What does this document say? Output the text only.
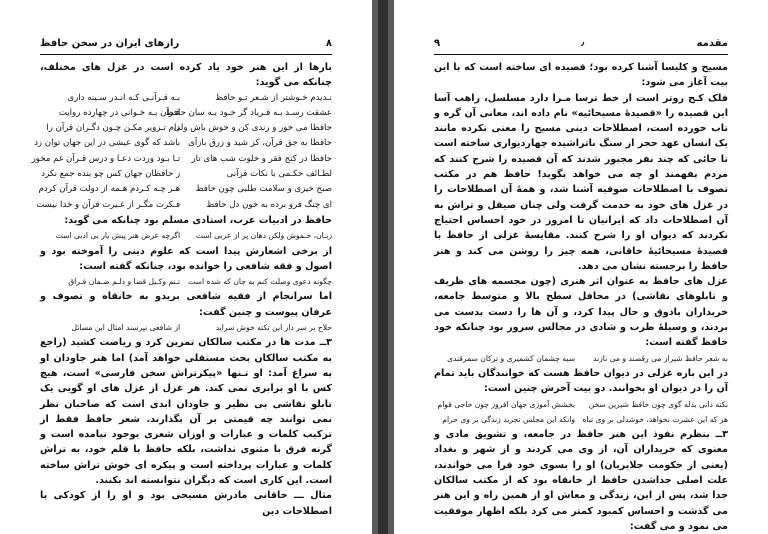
۸
رازهای ایران در سخن حافظ

بارها از این هنر خود یاد کرده است در غزل های مختلف، چنانکه می گوید:

نـدیدم خـوشتر از شـعر تـو حافظ
بـه قـرآنـی کـه انـدر سـینه داری
عشقت رسـد بـه فـریاد گر خـود بـه سان حافظ
قـرآن بـه خـوانی در چهارده روایت
حافظا می خور و رندی کن و خوش باش ولی
دام تـزویر مکـن چـون دگـران قرآن را
حافظا به حق قرآن، کز شید و زرق بازآی
باشد که گوی عیشی در این جهان توان زد
حافظا در کنج فقر و خلوت شب های تار
تـا بـود وردت دعـا و درس قـرآن غم مخور
لطـائف حکـمی با نکات قرآنی
ز حافظان جهان کس چو بنده جمع نکرد
صبح خیزی و سلامت طلبی چون حافظ
هـر چـه کـردم هـمه از دولت قرآن کردم
ای چنگ فرو برده به خون دل حافظ
فـکرت مگـر از غـیرت قرآن و خدا نیست

حافظ در ادبیات عرب، استادی مسلم بود چنانکه می گوید:

زبـان، خـموش ولکن دهان پر از عربی است
اگرچه عرض هنر پیش یار بی ادبی است

از برخی اشعارش پیدا است که علوم دینی را آموخته بود و اصول و فقه شافعی را خوانده بود، چنانکه گفته است:

چگونه دعوی وصلت کنم به جان که شده است
تـنم وکـیل قضا و دلـم ضـمان فـراق

اما سرانجام از فقیه شافعی بریدو به خانقاه و تصوف و عرفان پیوست و چنین گفت:

حلاج بر سر دار این نکته خوش سراید
از شافعی نپرسند امثال این مسائل

۳ــ مدت ها در مکتب سالکان تمرین کرد و ریاضت کشید (راجع به مکتب سالکان بحث مستقلی خواهد آمد) اما هنر جاودان او به سراغ آمد: او تـنها «پیکرتراش سخن فارسی» است، هیچ کس با او برابری نمی کند. هر غزل از غزل های او گویی یک تابلو نقاشی بی نظیر و جاودان ابدی است که صاحبان نظر نمی توانند چه قیمتی بر آن بگذارند. شعر حافظ فقط از ترکیب کلمات و عبارات و اوزان شعری بوجود نیامده است و گرنه فرق با مثنوی نداشت، بلکه حافظ با قلم خود، به تراش کلمات و عبارات پرداخته است و پیکره ای خوش تراش ساخته است. این کاری است که دیگران نتوانسته اند بکنند.

مثال ـــ خاقانی مادرش مسیحی بود و او را از کودکی با اصطلاحات دین

۹	٫	مقدمه

مسیح و کلیسا آشنا کرده بود؛ قصیده ای ساخته است که با این بیت آغاز می شود:

فلک کـج روتر است از خط ترسا مـرا دارد مسلسل، راهب آسا این قصیده را «قصیدۀ مسیحائیه» نام داده اند، معانی آن گره و تاب خورده است، اصطلاحات دینی مسیح را معنی نکرده مانند یک انسان عهد حجر از سنگ ناتراشیده چهاردیواری ساخته است تا جائی که چند نفر مجبور شدند که آن قصیده را شرح کنند که مردم بفهمند او چه می خواهد بگوید! حافظ هم در مکتب تصوف با اصطلاحات صوفیه آشنا شد، و همۀ آن اصطلاحات را در غزل های خود به خدمت گرفت ولی چنان صیقل و تراش به آن اصطلاحات داد که ایرانیان تا امروز در خود احساس احتیاج نکردند که دیوان او را شرح کنند. مقایسۀ غزلی از حافظ با قصیدۀ مسیحائیۀ خاقانی، همه چیز را روشن می کند و هنر حافظ را برجسته نشان می دهد.

غزل های حافظ به عنوان اثر هنری (چون مجسمه های ظریف و تابلوهای نقاشی) در محافل سطح بالا و متوسط جامعه، خریداران باذوق و حال پیدا کرد، و آن ها را دست بدست می بردند، و وسیلۀ طرب و شادی در مجالس سرور بود چنانکه خود حافظ گفته است:

به شعر حافظ شیراز می رقصند و می نازند
سیه چشمان کشمیری و ترکان سمرقندی

در این باره غزلی در دیوان حافظ هست که خوانندگان باید تمام آن را در دیوان او بخوانند. دو بیت آخرش چنین است:

نکته دانی بذله گوی چون حافظ شیرین سخن
بخشش آموزی جهان افروز چون حاجی قوام
هر که این عشرت نخواهد، خوشدلی بر وی تباه
وانکه این مجلس تجرید زندگی بر وی حرام

۳ــ بنظرم نفوذ این هنر حافظ در جامعه، و تشویق مادی و معنوی که خریداران آن، از وی می کردند و از شهر و بغداد (یعنی از حکومت جلایریان) او را بسوی خود فرا می خواندند، علت اصلی جداشدن حافظ از خانقاه بود که از مکتب سالکان جدا شد، پس از این، زندگی و معاش او از همین راه و این هنر می گذشت و احساس کمبود کمتر می کرد بلکه اظهار موفقیت می نمود و می گفت:
